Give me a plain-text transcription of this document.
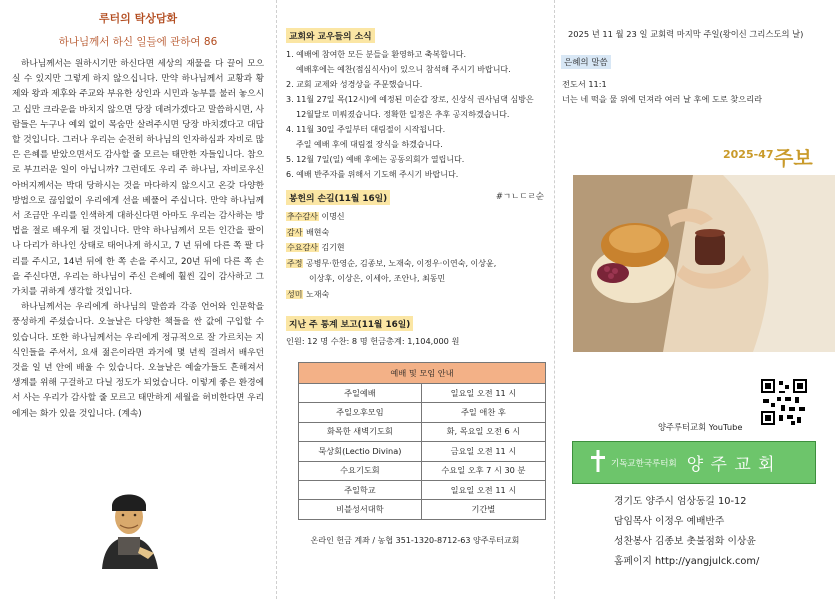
루터의 탁상담화
하나님께서 하신 일들에 관하여 86

하나님께서는 원하시기만 하신다면 세상의 재물을 다 끌어 모으실 수 있지만 그렇게 하지 않으십니다. 만약 하나님께서 교황과 황제와 왕과 제후와 주교와 부유한 상인과 시민과 농부를 불러 놓으시고 십만 크라운을 바치지 않으면 당장 데려가겠다고 말씀하시면, 사람들은 누구나 예외 없이 목숨만 살려주시면 당장 바치겠다고 대답할 것입니다. 그러나 우리는 순전히 하나님의 인자하심과 자비로 많은 은혜를 받았으면서도 감사할 줄 모르는 태만한 자들입니다. 참으로 부끄러운 일이 아닙니까? 그런데도 우리 주 하나님, 자비로우신 아버지께서는 박대 당하시는 것을 마다하지 않으시고 온갖 다양한 방법으로 끊임없이 우리에게 선을 베풀어 주십니다. 만약 하나님께서 조금만 우리를 인색하게 대하신다면 아마도 우리는 감사하는 방법을 절로 배우게 될 것입니다. 만약 하나님께서 모든 인간을 팔이나 다리가 하나인 상태로 태어나게 하시고, 7 년 뒤에 다른 쪽 팔 다리를 주시고, 14년 뒤에 한 쪽 손을 주시고, 20년 뒤에 다른 쪽 손을 주신다면, 우리는 하나님이 주신 은혜에 훨씬 깊이 감사하고 그 가치를 귀하게 생각할 것입니다.

하나님께서는 우리에게 하나님의 말씀과 각종 언어와 인문학을 풍성하게 주셨습니다. 오늘날은 다양한 책들을 싼 값에 구입할 수 있습니다. 또한 하나님께서는 우리에게 정규적으로 잘 가르치는 지식인들을 주셔서, 요새 젊은이라면 과거에 몇 년씩 걸려서 배우던 것을 일 년 안에 배울 수 있습니다. 오늘날은 예술가들도 흔해져서 생계를 위해 구걸하고 다닐 정도가 되었습니다. 이렇게 좋은 환경에서 사는 우리가 감사할 줄 모르고 태만하게 세월을 허비한다면 우리에게는 화가 있을 것입니다. (계속)

교회와 교우들의 소식
1. 예배에 참여한 모든 분들을 환영하고 축복합니다.
예배후에는 예찬(점심식사)이 있으니 참석해 주시기 바랍니다.
2. 교회 교제와 성경상을 주문했습니다.
3. 11월 27일 목(12시)에 예정된 미순갑 장로, 신상식 권사님댁 심방은
12월달로 미뤄졌습니다. 정확한 일정은 추후 공지하겠습니다.
4. 11월 30일 주일부터 대림절이 시작됩니다.
주일 예배 후에 대림절 장식을 하겠습니다.
5. 12월 7일(일) 예배 후에는 공동의회가 열립니다.
6. 예배 반주자를 위해서 기도해 주시기 바랍니다.
봉헌의 손길(11월 16일)	#ㄱㄴㄷㄹ순
추수감사 이명신
감사 배현숙
수요감사 김기현
주정 공병무·한영순, 김종보, 노재숙, 이정우·이연숙, 이상윤,
이상후, 이상은, 이세아, 조안나, 최동민
성미 노재숙
지난 주 통계 보고(11월 16일)
인원: 12 명 수찬: 8 명 헌금총계: 1,104,000 원
예배 및 모임 안내	
주일예배	일요일 오전 11 시
주일오후모임	주일 애찬 후
화목한 새벽기도회	화, 목요일 오전 6 시
묵상회(Lectio Divina)	금요일 오전 11 시
수요기도회	수요일 오후 7 시 30 분
주일학교	일요일 오전 11 시
비블성서대학	기간별
온라인 헌금 계좌 / 농협 351-1320-8712-63 양주루터교회
2025 년 11 월 23 일 교회력 마지막 주일(왕이신 그리스도의 날)
은혜의 말씀
전도서 11:1
너는 네 떡을 물 위에 던져라 여러 날 후에 도로 찾으리라
2025-47 주보
양주루터교회 YouTube
기독교한국루터회 양 주 교 회
경기도 양주시 엄상동길 10-12
담임목사 이정우 예배반주
성찬봉사 김종보 촛불점화 이상윤
홈페이지 http://yangjulck.com/
